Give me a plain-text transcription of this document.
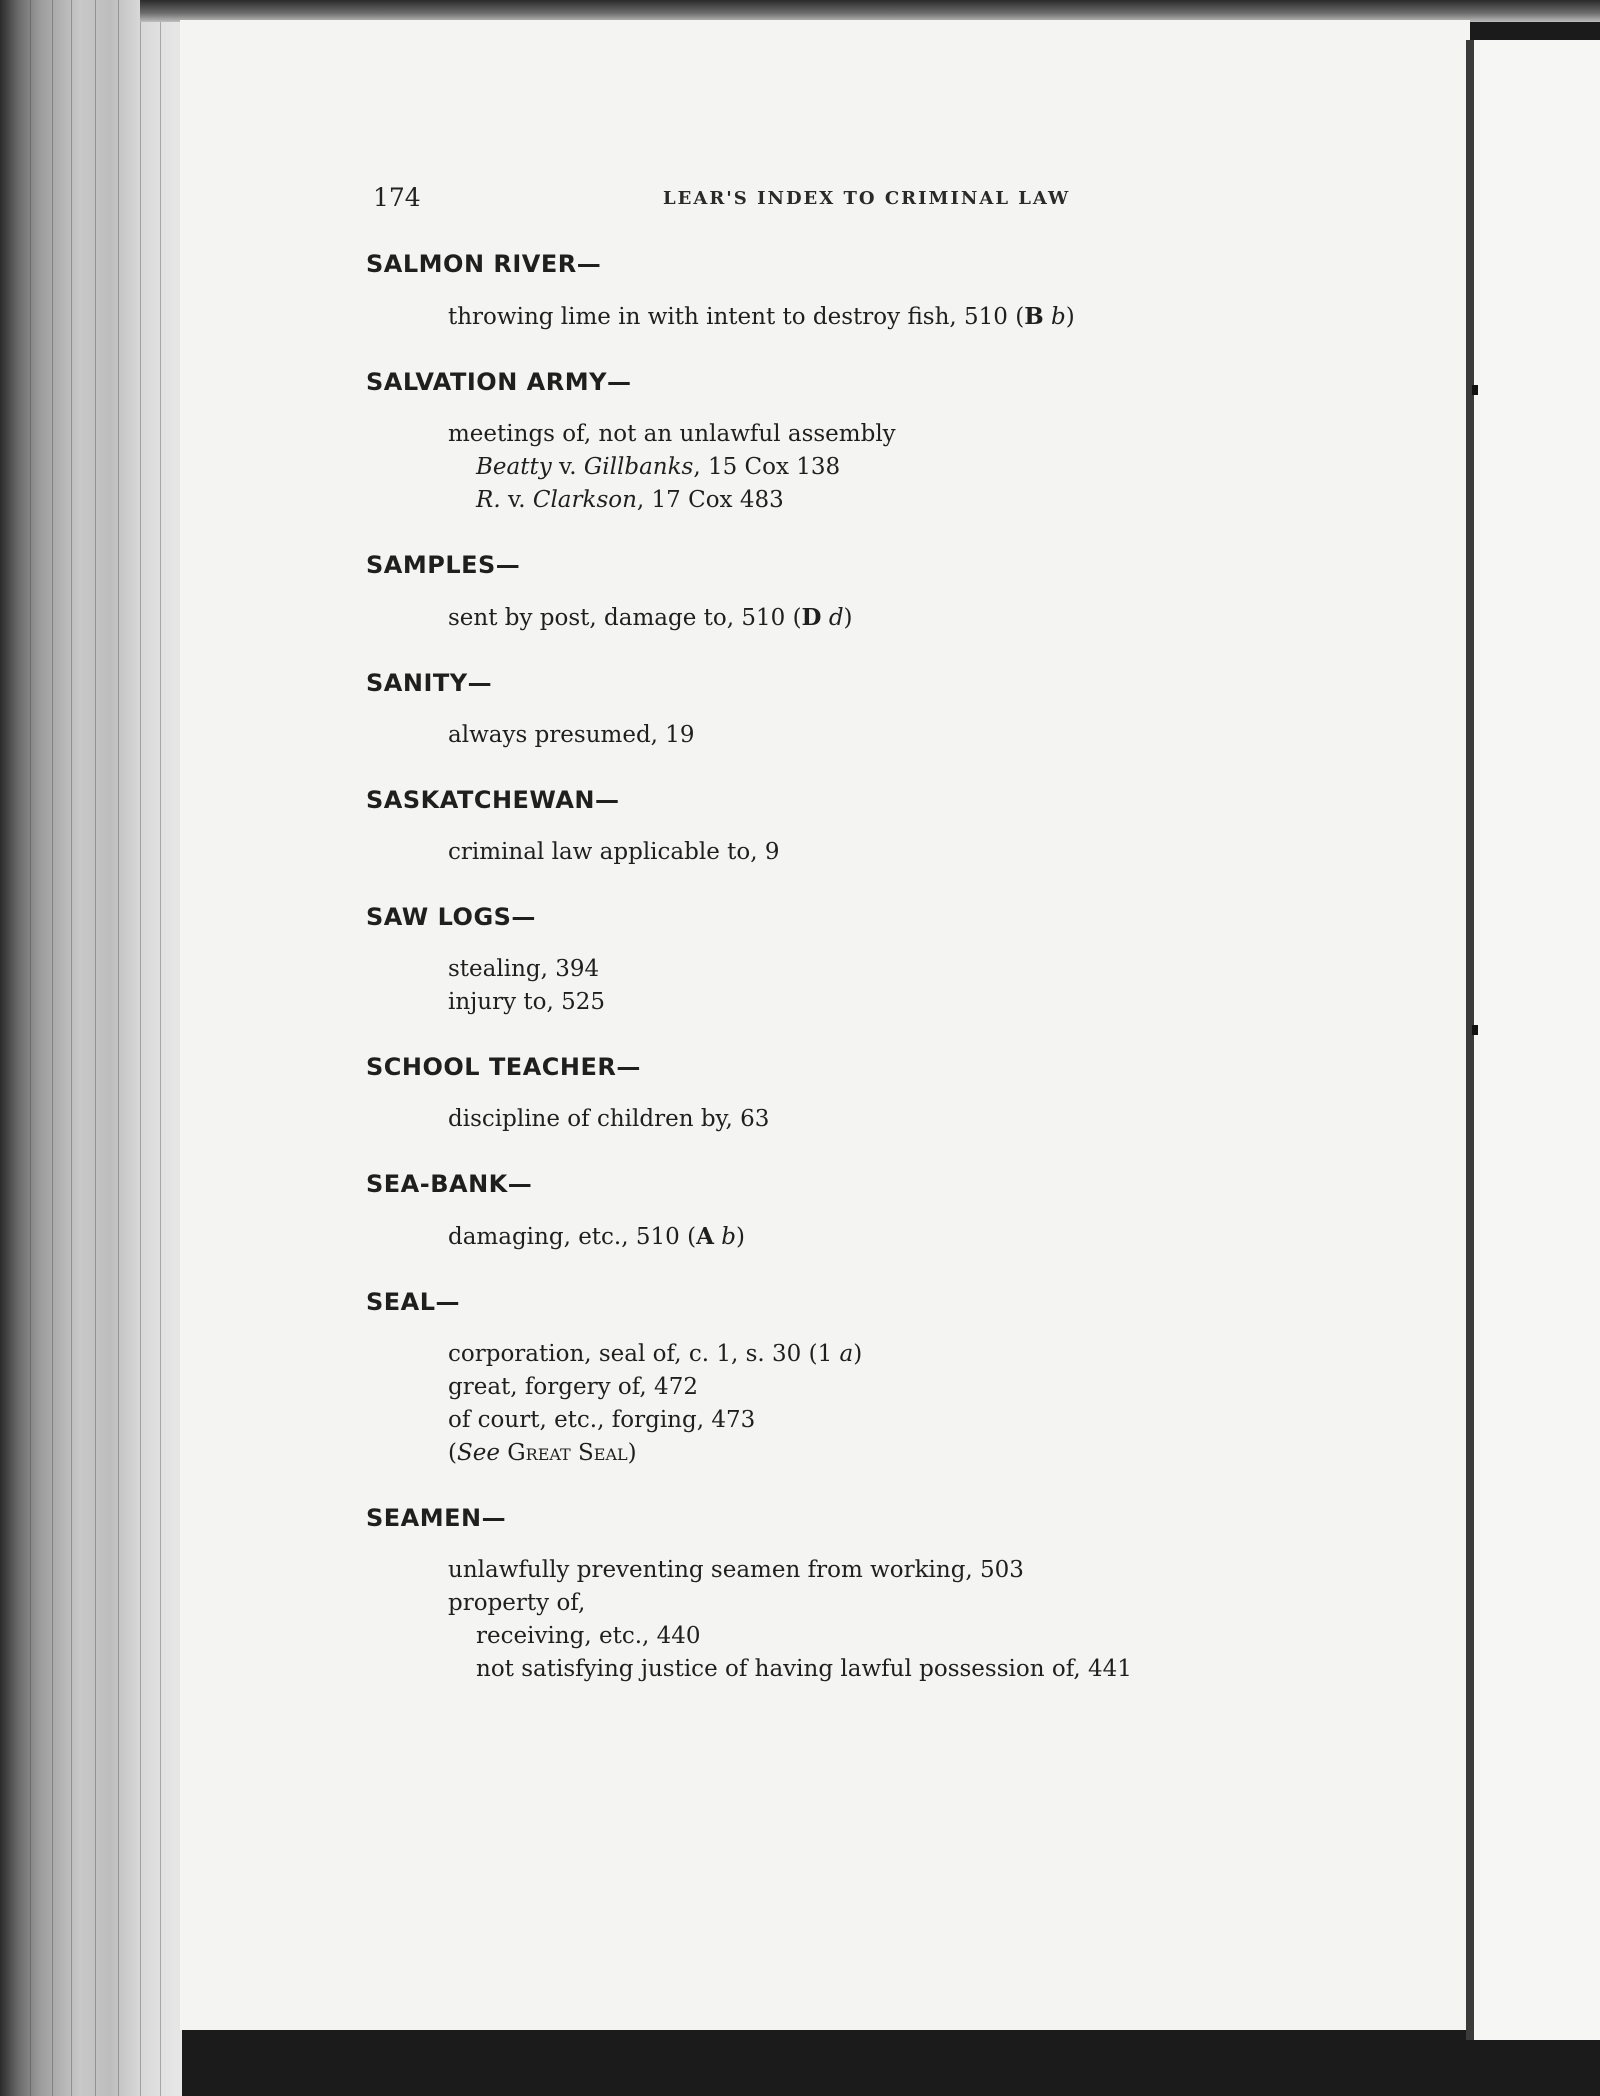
174	LEAR'S INDEX TO CRIMINAL LAW
SALMON RIVER—
throwing lime in with intent to destroy fish, 510 (B b)
SALVATION ARMY—
meetings of, not an unlawful assembly
Beatty v. Gillbanks, 15 Cox 138
R. v. Clarkson, 17 Cox 483
SAMPLES—
sent by post, damage to, 510 (D d)
SANITY—
always presumed, 19
SASKATCHEWAN—
criminal law applicable to, 9
SAW LOGS—
stealing, 394
injury to, 525
SCHOOL TEACHER—
discipline of children by, 63
SEA-BANK—
damaging, etc., 510 (A b)
SEAL—
corporation, seal of, c. 1, s. 30 (1 a)
great, forgery of, 472
of court, etc., forging, 473
(See Great Seal)
SEAMEN—
unlawfully preventing seamen from working, 503
property of,
receiving, etc., 440
not satisfying justice of having lawful possession of, 441
